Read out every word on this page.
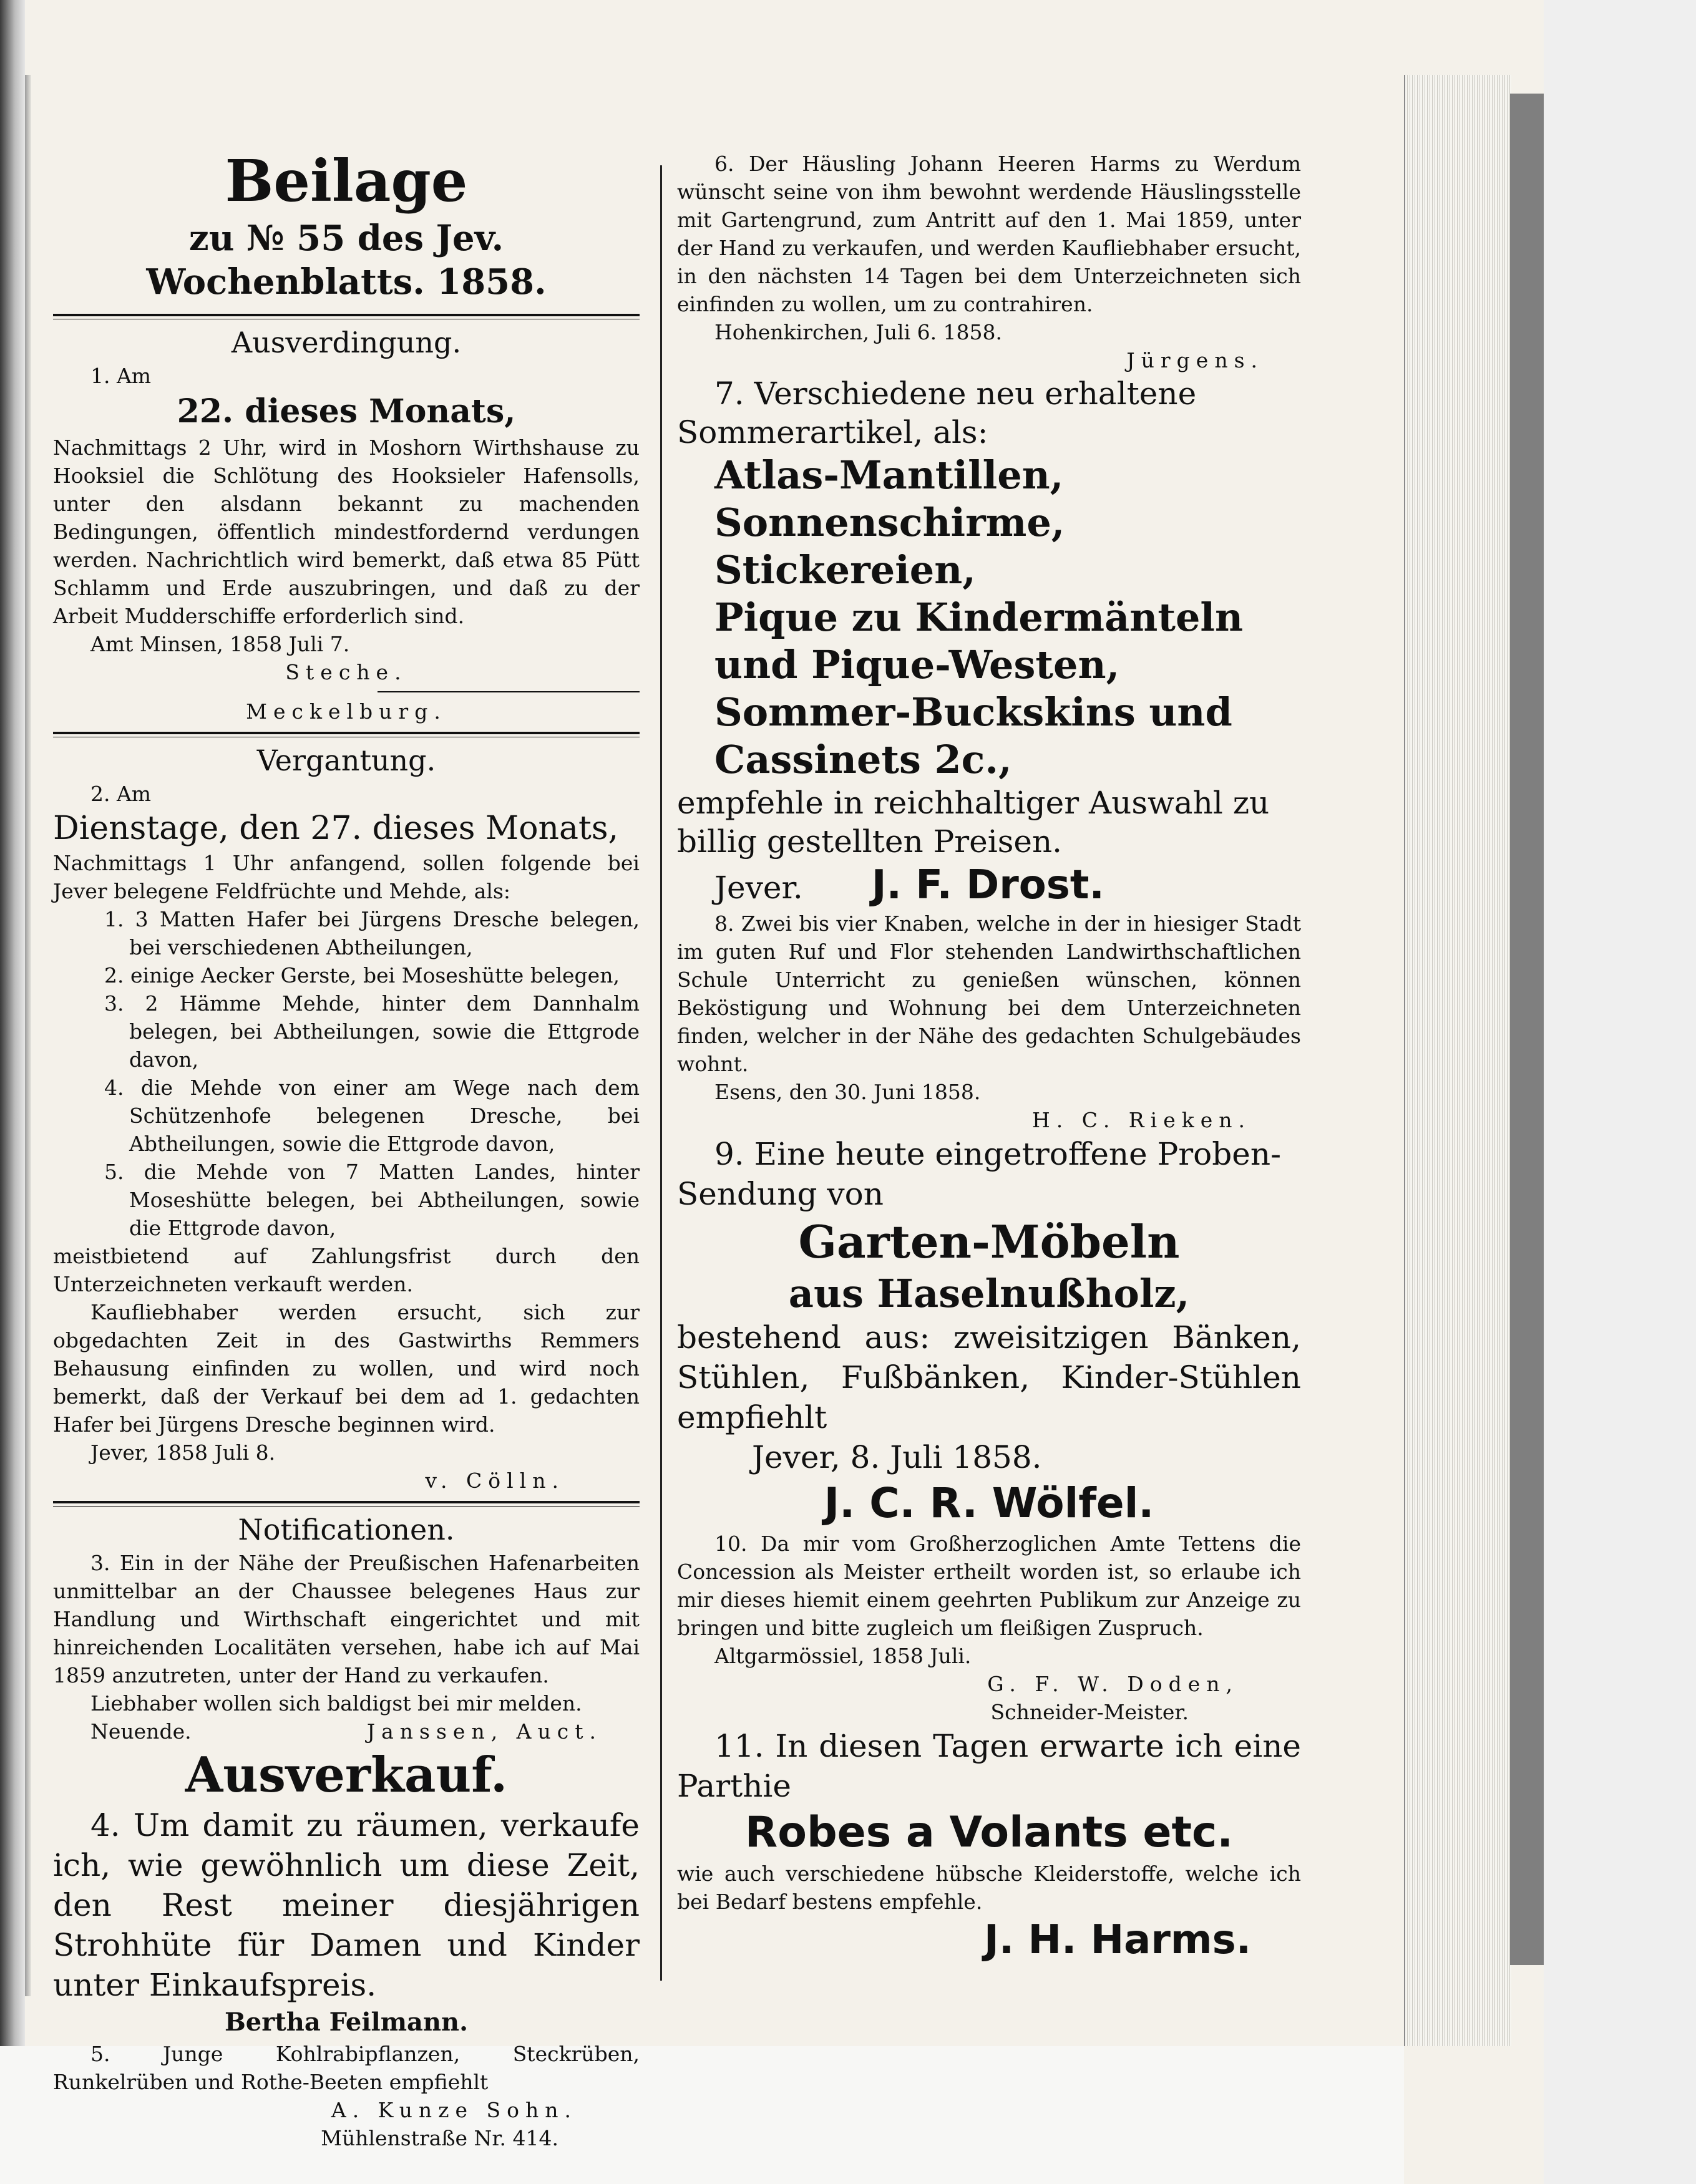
Beilage
zu № 55 des Jev. Wochenblatts. 1858.

Ausverdingung.

1. Am

22. dieses Monats,

Nachmittags 2 Uhr, wird in Moshorn Wirthshause zu Hooksiel die Schlötung des Hooksieler Hafensolls, unter den alsdann bekannt zu machenden Bedingungen, öffentlich mindestfordernd verdungen werden. Nachrichtlich wird bemerkt, daß etwa 85 Pütt Schlamm und Erde auszubringen, und daß zu der Arbeit Mudderschiffe erforderlich sind.

Amt Minsen, 1858 Juli 7.

Steche.

Meckelburg.

Vergantung.

2. Am

Dienstage, den 27. dieses Monats,

Nachmittags 1 Uhr anfangend, sollen folgende bei Jever belegene Feldfrüchte und Mehde, als:

1. 3 Matten Hafer bei Jürgens Dresche belegen, bei verschiedenen Abtheilungen,

2. einige Aecker Gerste, bei Moseshütte belegen,

3. 2 Hämme Mehde, hinter dem Dannhalm belegen, bei Abtheilungen, sowie die Ettgrode davon,

4. die Mehde von einer am Wege nach dem Schützenhofe belegenen Dresche, bei Abtheilungen, sowie die Ettgrode davon,

5. die Mehde von 7 Matten Landes, hinter Moseshütte belegen, bei Abtheilungen, sowie die Ettgrode davon,

meistbietend auf Zahlungsfrist durch den Unterzeichneten verkauft werden.

Kaufliebhaber werden ersucht, sich zur obgedachten Zeit in des Gastwirths Remmers Behausung einfinden zu wollen, und wird noch bemerkt, daß der Verkauf bei dem ad 1. gedachten Hafer bei Jürgens Dresche beginnen wird.

Jever, 1858 Juli 8.

v. Cölln.

Notificationen.

3. Ein in der Nähe der Preußischen Hafenarbeiten unmittelbar an der Chaussee belegenes Haus zur Handlung und Wirthschaft eingerichtet und mit hinreichenden Localitäten versehen, habe ich auf Mai 1859 anzutreten, unter der Hand zu verkaufen.

Liebhaber wollen sich baldigst bei mir melden.

Neuende.	Janssen, Auct.

Ausverkauf.

4. Um damit zu räumen, verkaufe ich, wie gewöhnlich um diese Zeit, den Rest meiner diesjährigen Strohhüte für Damen und Kinder unter Einkaufspreis.

Bertha Feilmann.

5. Junge Kohlrabipflanzen, Steckrüben, Runkelrüben und Rothe-Beeten empfiehlt

A. Kunze Sohn.

Mühlenstraße Nr. 414.

6. Der Häusling Johann Heeren Harms zu Werdum wünscht seine von ihm bewohnt werdende Häuslingsstelle mit Gartengrund, zum Antritt auf den 1. Mai 1859, unter der Hand zu verkaufen, und werden Kaufliebhaber ersucht, in den nächsten 14 Tagen bei dem Unterzeichneten sich einfinden zu wollen, um zu contrahiren.

Hohenkirchen, Juli 6. 1858.

Jürgens.

7. Verschiedene neu erhaltene

Sommerartikel, als:

Atlas-Mantillen,

Sonnenschirme,

Stickereien,

Pique zu Kindermänteln

und Pique-Westen,

Sommer-Buckskins und

Cassinets 2c.,

empfehle in reichhaltiger Auswahl zu

billig gestellten Preisen.

Jever. J. F. Drost.

8. Zwei bis vier Knaben, welche in der in hiesiger Stadt im guten Ruf und Flor stehenden Landwirthschaftlichen Schule Unterricht zu genießen wünschen, können Beköstigung und Wohnung bei dem Unterzeichneten finden, welcher in der Nähe des gedachten Schulgebäudes wohnt.

Esens, den 30. Juni 1858.

H. C. Rieken.

9. Eine heute eingetroffene Proben-Sendung von

Garten-Möbeln

aus Haselnußholz,

bestehend aus: zweisitzigen Bänken, Stühlen, Fußbänken, Kinder-Stühlen empfiehlt

Jever, 8. Juli 1858.

J. C. R. Wölfel.

10. Da mir vom Großherzoglichen Amte Tettens die Concession als Meister ertheilt worden ist, so erlaube ich mir dieses hiemit einem geehrten Publikum zur Anzeige zu bringen und bitte zugleich um fleißigen Zuspruch.

Altgarmössiel, 1858 Juli.

G. F. W. Doden,

Schneider-Meister.

11. In diesen Tagen erwarte ich eine Parthie

Robes a Volants etc.

wie auch verschiedene hübsche Kleiderstoffe, welche ich bei Bedarf bestens empfehle.

J. H. Harms.
